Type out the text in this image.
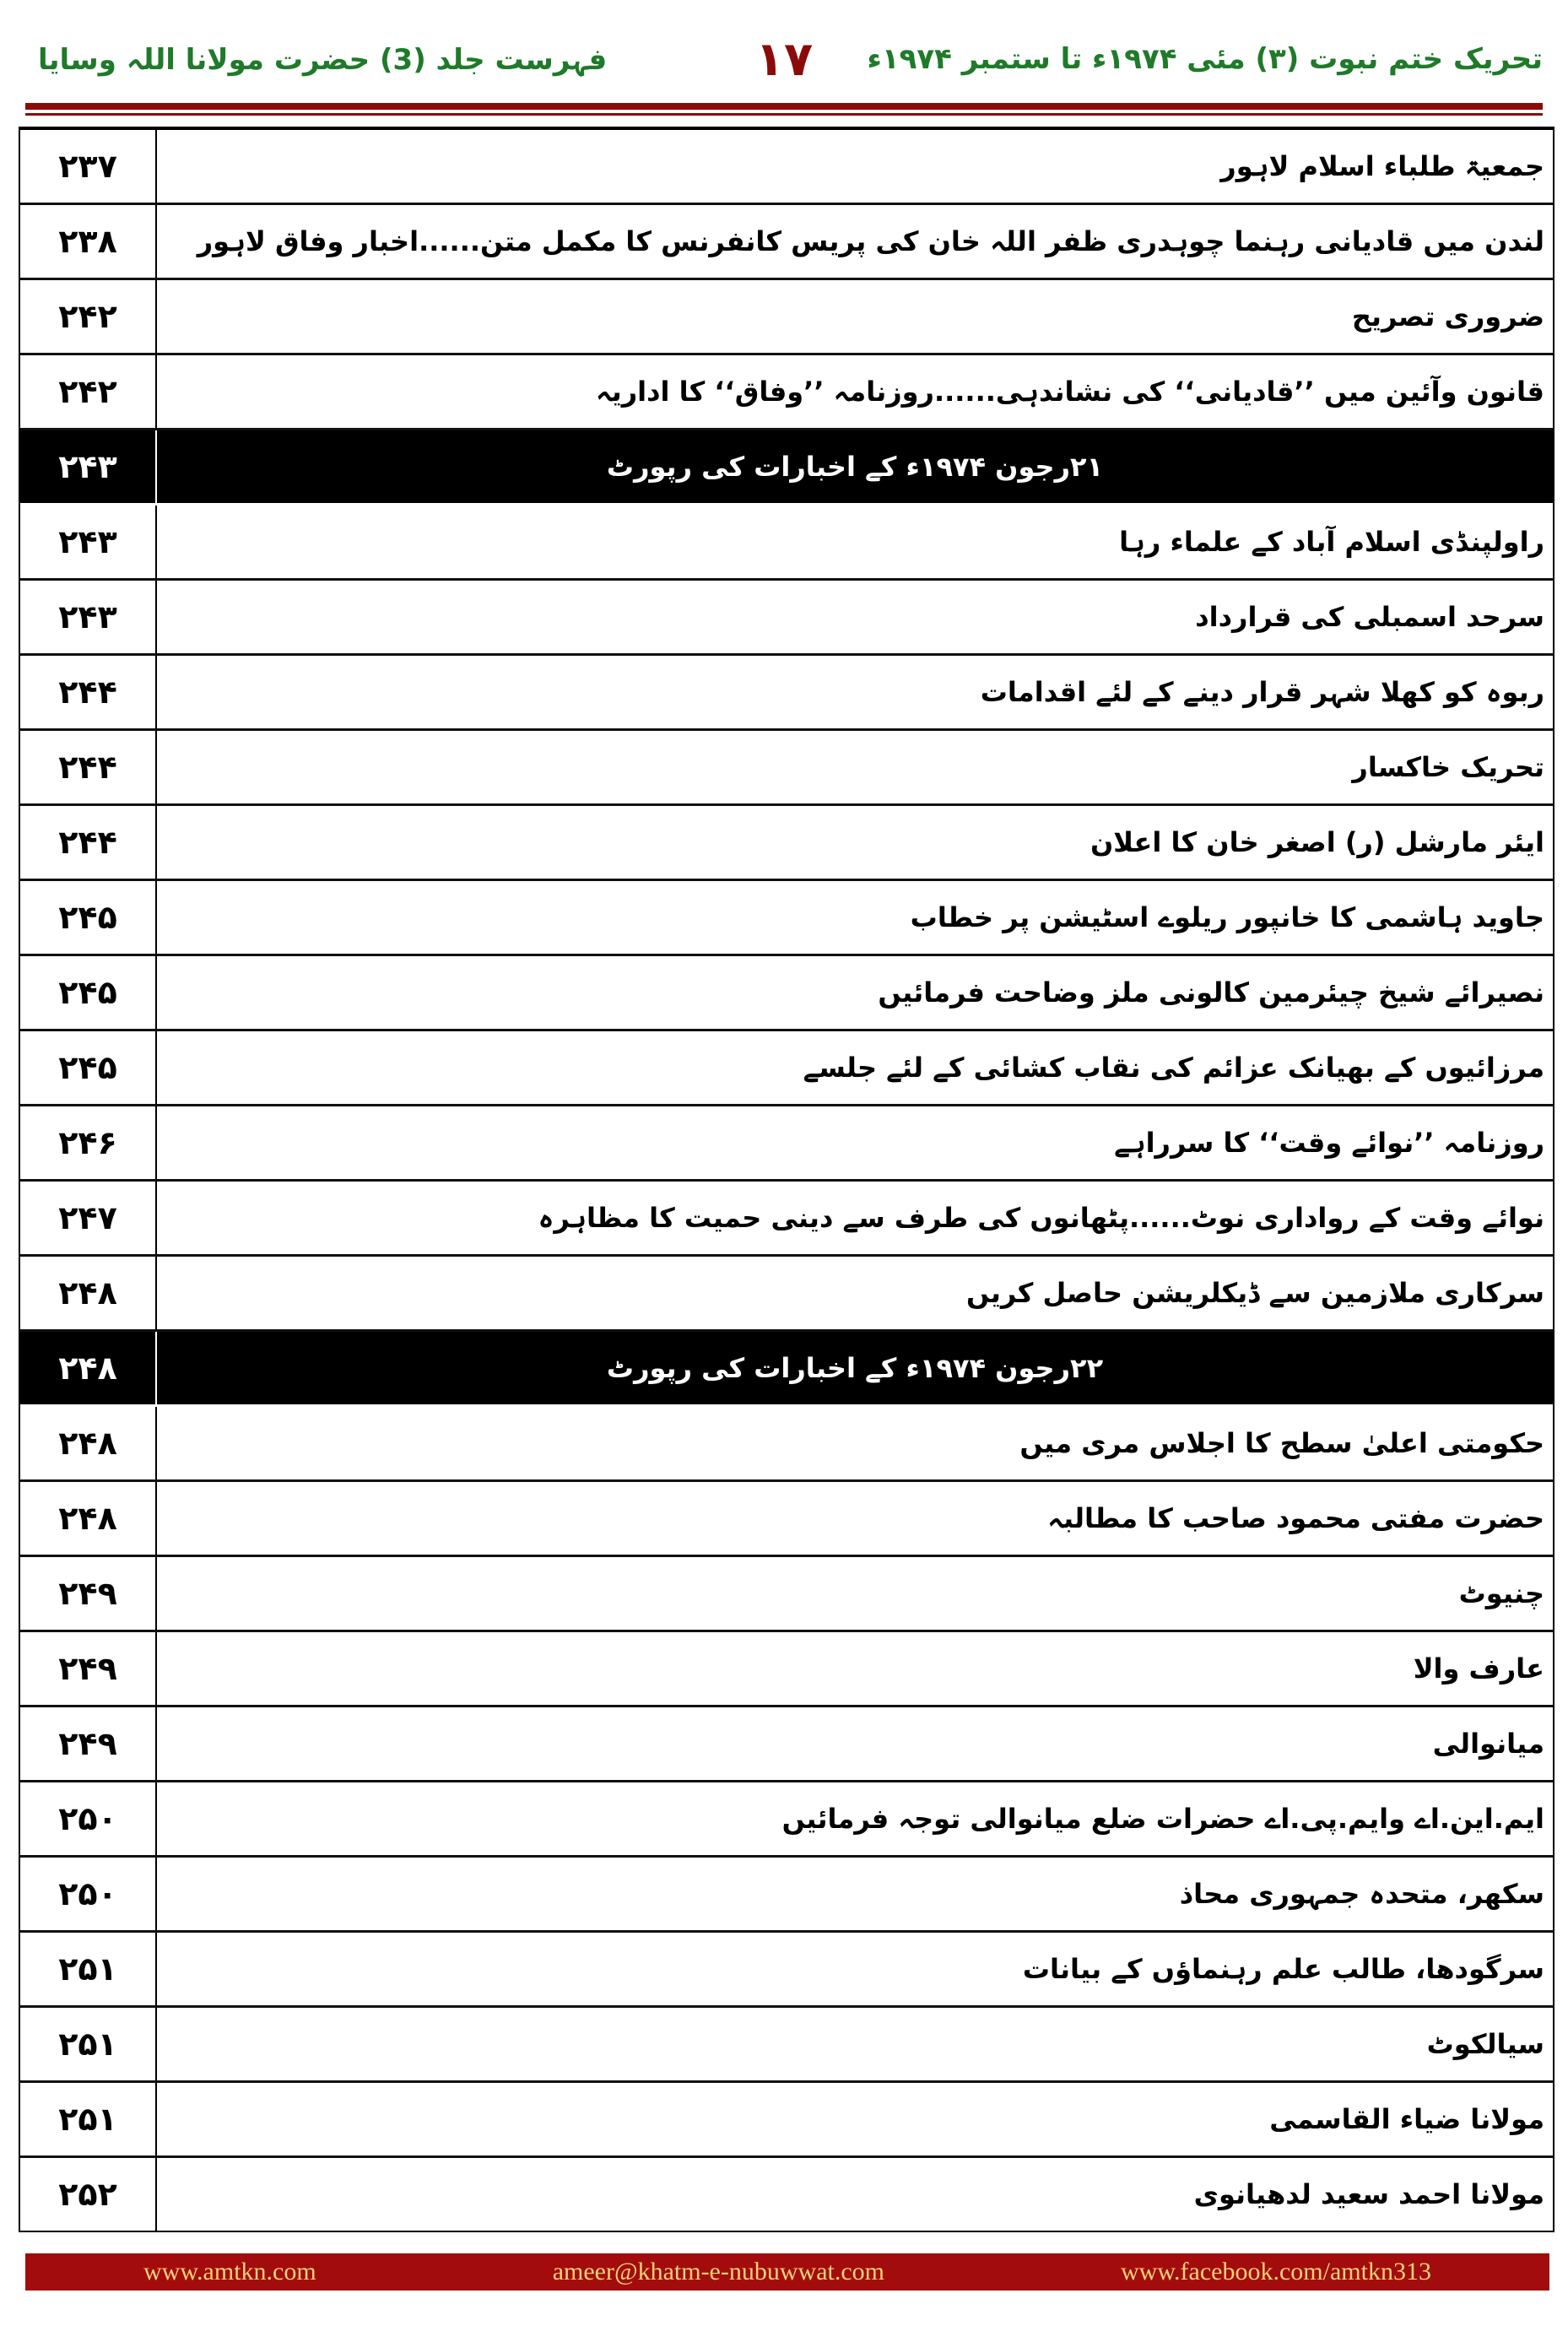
تحریک ختم نبوت (۳) مئی ۱۹۷۴ء تا ستمبر ۱۹۷۴ء
۱۷
فہرست جلد (3) حضرت مولانا اللہ وسایا
۲۳۷	جمعیۃ طلباء اسلام لاہور
۲۳۸	لندن میں قادیانی رہنما چوہدری ظفر اللہ خان کی پریس کانفرنس کا مکمل متن......اخبار وفاق لاہور
۲۴۲	ضروری تصریح
۲۴۲	قانون وآئین میں ’’قادیانی‘‘ کی نشاندہی......روزنامہ ’’وفاق‘‘ کا اداریہ
۲۴۳	۲۱رجون ۱۹۷۴ء کے اخبارات کی رپورٹ
۲۴۳	راولپنڈی اسلام آباد کے علماء رہا
۲۴۳	سرحد اسمبلی کی قرارداد
۲۴۴	ربوہ کو کھلا شہر قرار دینے کے لئے اقدامات
۲۴۴	تحریک خاکسار
۲۴۴	ایئر مارشل (ر) اصغر خان کا اعلان
۲۴۵	جاوید ہاشمی کا خانپور ریلوے اسٹیشن پر خطاب
۲۴۵	نصیرائے شیخ چیئرمین کالونی ملز وضاحت فرمائیں
۲۴۵	مرزائیوں کے بھیانک عزائم کی نقاب کشائی کے لئے جلسے
۲۴۶	روزنامہ ’’نوائے وقت‘‘ کا سرراہے
۲۴۷	نوائے وقت کے رواداری نوٹ......پٹھانوں کی طرف سے دینی حمیت کا مظاہرہ
۲۴۸	سرکاری ملازمین سے ڈیکلریشن حاصل کریں
۲۴۸	۲۲رجون ۱۹۷۴ء کے اخبارات کی رپورٹ
۲۴۸	حکومتی اعلیٰ سطح کا اجلاس مری میں
۲۴۸	حضرت مفتی محمود صاحب کا مطالبہ
۲۴۹	چنیوٹ
۲۴۹	عارف والا
۲۴۹	میانوالی
۲۵۰	ایم.این.اے وایم.پی.اے حضرات ضلع میانوالی توجہ فرمائیں
۲۵۰	سکھر، متحدہ جمہوری محاذ
۲۵۱	سرگودھا، طالب علم رہنماؤں کے بیانات
۲۵۱	سیالکوٹ
۲۵۱	مولانا ضیاء القاسمی
۲۵۲	مولانا احمد سعید لدھیانوی
www.amtkn.com	ameer@khatm-e-nubuwwat.com	www.facebook.com/amtkn313
